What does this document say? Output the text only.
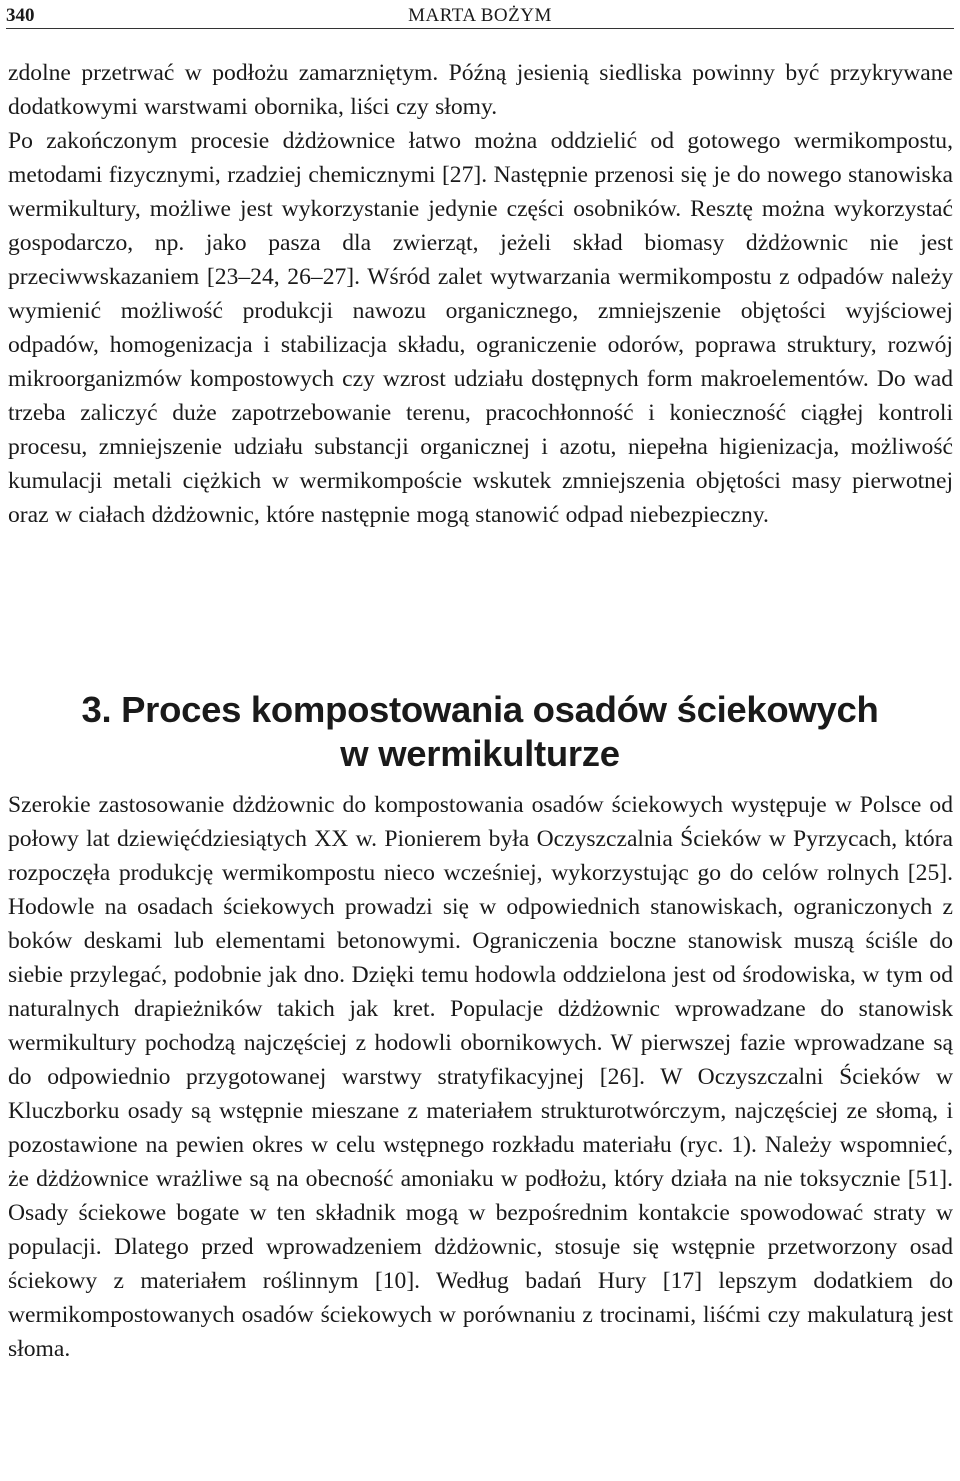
340	MARTA BOŻYM

zdolne przetrwać w podłożu zamarzniętym. Późną jesienią siedliska powinny być przykrywane dodatkowymi warstwami obornika, liści czy słomy.

Po zakończonym procesie dżdżownice łatwo można oddzielić od gotowego wermikompostu, metodami fizycznymi, rzadziej chemicznymi [27]. Następnie przenosi się je do nowego stanowiska wermikultury, możliwe jest wykorzystanie jedynie części osobników. Resztę można wykorzystać gospodarczo, np. jako pasza dla zwierząt, jeżeli skład biomasy dżdżownic nie jest przeciwwskazaniem [23–24, 26–27]. Wśród zalet wytwarzania wermikompostu z odpadów należy wymienić możliwość produkcji nawozu organicznego, zmniejszenie objętości wyjściowej odpadów, homogenizacja i stabilizacja składu, ograniczenie odorów, poprawa struktury, rozwój mikroorganizmów kompostowych czy wzrost udziału dostępnych form makroelementów. Do wad trzeba zaliczyć duże zapotrzebowanie terenu, pracochłonność i konieczność ciągłej kontroli procesu, zmniejszenie udziału substancji organicznej i azotu, niepełna higienizacja, możliwość kumulacji metali ciężkich w wermikompoście wskutek zmniejszenia objętości masy pierwotnej oraz w ciałach dżdżownic, które następnie mogą stanowić odpad niebezpieczny.

3. Proces kompostowania osadów ściekowych
w wermikulturze

Szerokie zastosowanie dżdżownic do kompostowania osadów ściekowych występuje w Polsce od połowy lat dziewięćdziesiątych XX w. Pionierem była Oczyszczalnia Ścieków w Pyrzycach, która rozpoczęła produkcję wermikompostu nieco wcześniej, wykorzystując go do celów rolnych [25]. Hodowle na osadach ściekowych prowadzi się w odpowiednich stanowiskach, ograniczonych z boków deskami lub elementami betonowymi. Ograniczenia boczne stanowisk muszą ściśle do siebie przylegać, podobnie jak dno. Dzięki temu hodowla oddzielona jest od środowiska, w tym od naturalnych drapieżników takich jak kret. Populacje dżdżownic wprowadzane do stanowisk wermikultury pochodzą najczęściej z hodowli obornikowych. W pierwszej fazie wprowadzane są do odpowiednio przygotowanej warstwy stratyfikacyjnej [26]. W Oczyszczalni Ścieków w Kluczborku osady są wstępnie mieszane z materiałem strukturotwórczym, najczęściej ze słomą, i pozostawione na pewien okres w celu wstępnego rozkładu materiału (ryc. 1). Należy wspomnieć, że dżdżownice wrażliwe są na obecność amoniaku w podłożu, który działa na nie toksycznie [51]. Osady ściekowe bogate w ten składnik mogą w bezpośrednim kontakcie spowodować straty w populacji. Dlatego przed wprowadzeniem dżdżownic, stosuje się wstępnie przetworzony osad ściekowy z materiałem roślinnym [10]. Według badań Hury [17] lepszym dodatkiem do wermikompostowanych osadów ściekowych w porównaniu z trocinami, liśćmi czy makulaturą jest słoma.
